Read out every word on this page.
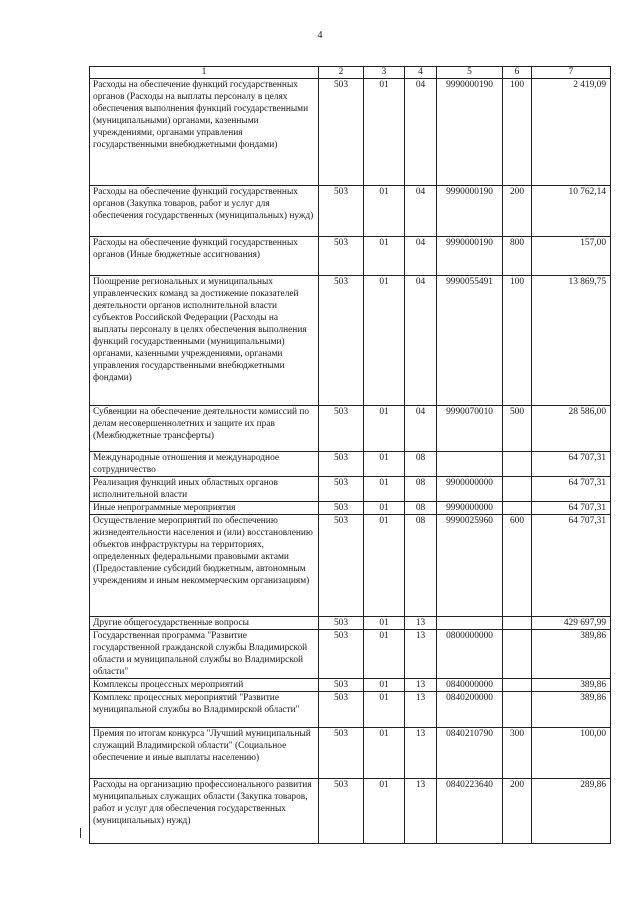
4
1	2	3	4	5	6	7
Расходы на обеспечение функций государственных органов (Расходы на выплаты персоналу в целях обеспечения выполнения функций государственными (муниципальными) органами, казенными учреждениями, органами управления государственными внебюджетными фондами)	503	01	04	9990000190	100	2 419,09
Расходы на обеспечение функций государственных органов (Закупка товаров, работ и услуг для обеспечения государственных (муниципальных) нужд)	503	01	04	9990000190	200	10 762,14
Расходы на обеспечение функций государственных органов (Иные бюджетные ассигнования)	503	01	04	9990000190	800	157,00
Поощрение региональных и муниципальных управленческих команд за достижение показателей деятельности органов исполнительной власти субъектов Российской Федерации (Расходы на выплаты персоналу в целях обеспечения выполнения функций государственными (муниципальными) органами, казенными учреждениями, органами управления государственными внебюджетными фондами)	503	01	04	9990055491	100	13 869,75
Субвенции на обеспечение деятельности комиссий по делам несовершеннолетних и защите их прав (Межбюджетные трансферты)	503	01	04	9990070010	500	28 586,00
Международные отношения и международное сотрудничество	503	01	08			64 707,31
Реализация функций иных областных органов исполнительной власти	503	01	08	9900000000		64 707,31
Иные непрограммные мероприятия	503	01	08	9990000000		64 707,31
Осуществление мероприятий по обеспечению жизнедеятельности населения и (или) восстановлению объектов инфраструктуры на территориях, определенных федеральными правовыми актами (Предоставление субсидий бюджетным, автономным учреждениям и иным некоммерческим организациям)	503	01	08	9990025960	600	64 707,31
Другие общегосударственные вопросы	503	01	13			429 697,99
Государственная программа "Развитие государственной гражданской службы Владимирской области и муниципальной службы во Владимирской области"	503	01	13	0800000000		389,86
Комплексы процессных мероприятий	503	01	13	0840000000		389,86
Комплекс процессных мероприятий "Развитие муниципальной службы во Владимирской области"	503	01	13	0840200000		389,86
Премия по итогам конкурса "Лучший муниципальный служащий Владимирской области" (Социальное обеспечение и иные выплаты населению)	503	01	13	0840210790	300	100,00
Расходы на организацию профессионального развития муниципальных служащих области (Закупка товаров, работ и услуг для обеспечения государственных (муниципальных) нужд)	503	01	13	0840223640	200	289,86
